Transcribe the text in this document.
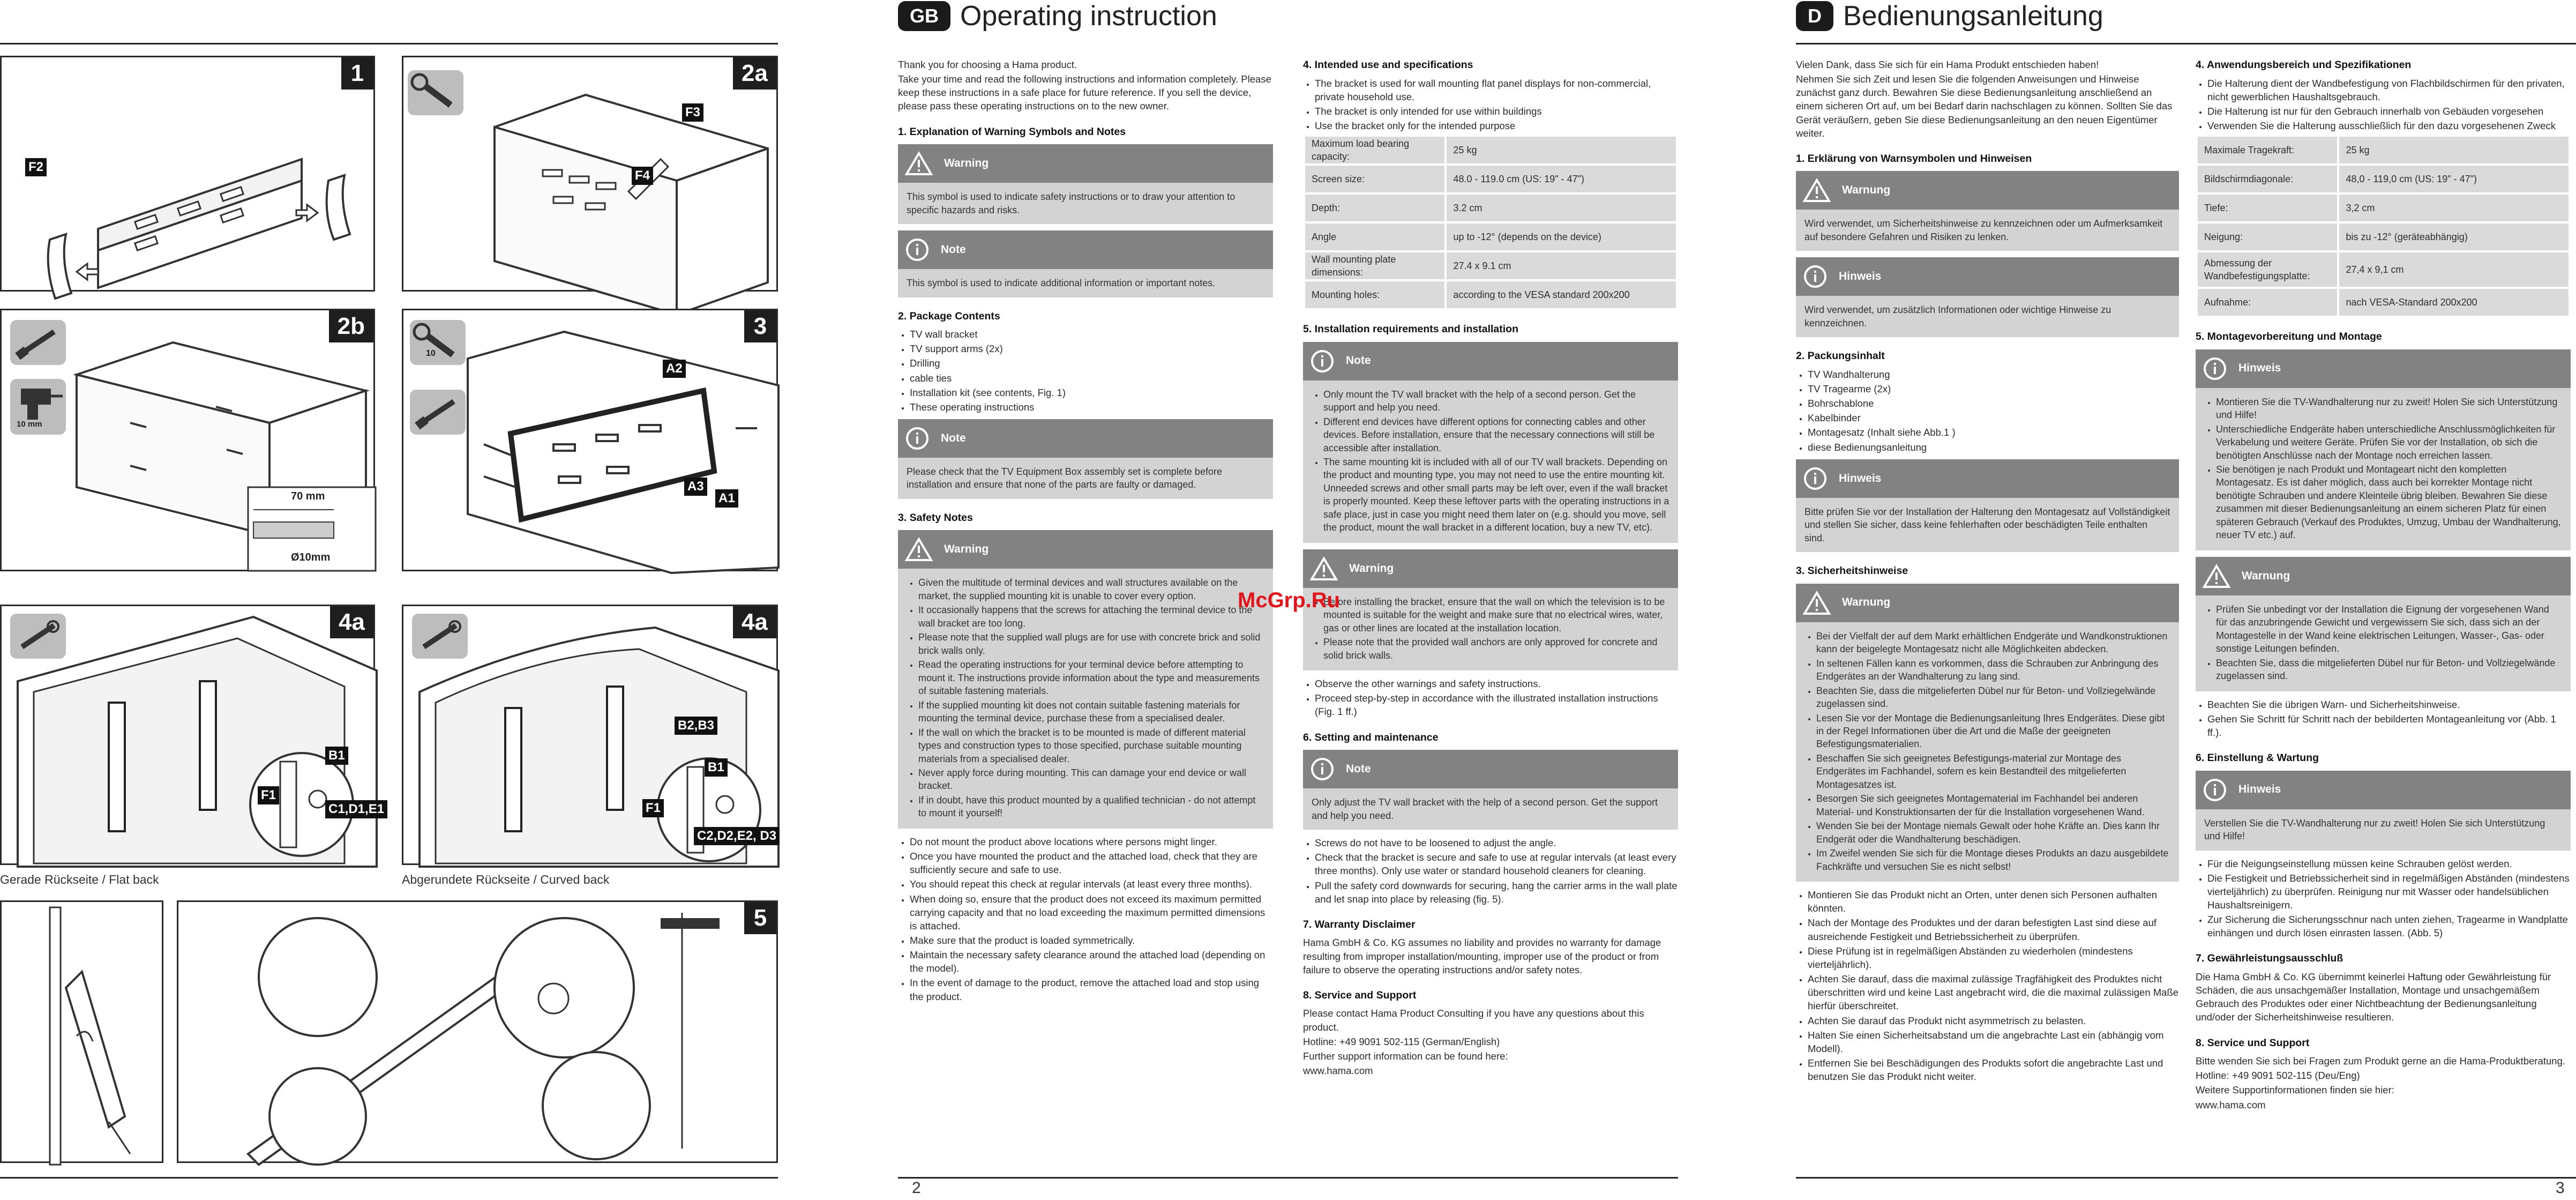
F2
1
F3
F4
2a
10 mm
70 mm
Ø10mm
2b
10
A2
A3
A1
3
B1
F1
C1,D1,E1
4a
Gerade Rückseite / Flat back
B2,B3
B1
F1
C2,D2,E2, D3
4a
Abgerundete Rückseite / Curved back
5
GB Operating instruction

Thank you for choosing a Hama product.

Take your time and read the following instructions and information completely. Please keep these instructions in a safe place for future reference. If you sell the device, please pass these operating instructions on to the new owner.

1. Explanation of Warning Symbols and Notes
Warning
This symbol is used to indicate safety instructions or to draw your attention to specific hazards and risks.
Note
This symbol is used to indicate additional information or important notes.
2. Package Contents
• TV wall bracket
• TV support arms (2x)
• Drilling
• cable ties
• Installation kit (see contents, Fig. 1)
• These operating instructions
Note
Please check that the TV Equipment Box assembly set is complete before installation and ensure that none of the parts are faulty or damaged.
3. Safety Notes
Warning
• Given the multitude of terminal devices and wall structures available on the market, the supplied mounting kit is unable to cover every option.
• It occasionally happens that the screws for attaching the terminal device to the wall bracket are too long.
• Please note that the supplied wall plugs are for use with concrete brick and solid brick walls only.
• Read the operating instructions for your terminal device before attempting to mount it. The instructions provide information about the type and measurements of suitable fastening materials.
• If the supplied mounting kit does not contain suitable fastening materials for mounting the terminal device, purchase these from a specialised dealer.
• If the wall on which the bracket is to be mounted is made of different material types and construction types to those specified, purchase suitable mounting materials from a specialised dealer.
• Never apply force during mounting. This can damage your end device or wall bracket.
• If in doubt, have this product mounted by a qualified technician - do not attempt to mount it yourself!
• Do not mount the product above locations where persons might linger.
• Once you have mounted the product and the attached load, check that they are sufficiently secure and safe to use.
• You should repeat this check at regular intervals (at least every three months).
• When doing so, ensure that the product does not exceed its maximum permitted carrying capacity and that no load exceeding the maximum permitted dimensions is attached.
• Make sure that the product is loaded symmetrically.
• Maintain the necessary safety clearance around the attached load (depending on the model).
• In the event of damage to the product, remove the attached load and stop using the product.
4. Intended use and specifications
• The bracket is used for wall mounting flat panel displays for non-commercial, private household use.
• The bracket is only intended for use within buildings
• Use the bracket only for the intended purpose
Maximum load bearing capacity:	25 kg
Screen size:	48.0 - 119.0 cm (US: 19" - 47")
Depth:	3.2 cm
Angle	up to -12° (depends on the device)
Wall mounting plate dimensions:	27.4 x 9.1 cm
Mounting holes:	according to the VESA standard 200x200
5. Installation requirements and installation
Note
• Only mount the TV wall bracket with the help of a second person. Get the support and help you need.
• Different end devices have different options for connecting cables and other devices. Before installation, ensure that the necessary connections will still be accessible after installation.
• The same mounting kit is included with all of our TV wall brackets. Depending on the product and mounting type, you may not need to use the entire mounting kit. Unneeded screws and other small parts may be left over, even if the wall bracket is properly mounted. Keep these leftover parts with the operating instructions in a safe place, just in case you might need them later on (e.g. should you move, sell the product, mount the wall bracket in a different location, buy a new TV, etc).
Warning
• Before installing the bracket, ensure that the wall on which the television is to be mounted is suitable for the weight and make sure that no electrical wires, water, gas or other lines are located at the installation location.
• Please note that the provided wall anchors are only approved for concrete and solid brick walls.
• Observe the other warnings and safety instructions.
• Proceed step-by-step in accordance with the illustrated installation instructions (Fig. 1 ff.)
6. Setting and maintenance
Note
Only adjust the TV wall bracket with the help of a second person. Get the support and help you need.
• Screws do not have to be loosened to adjust the angle.
• Check that the bracket is secure and safe to use at regular intervals (at least every three months). Only use water or standard household cleaners for cleaning.
• Pull the safety cord downwards for securing, hang the carrier arms in the wall plate and let snap into place by releasing (fig. 5).
7. Warranty Disclaimer

Hama GmbH & Co. KG assumes no liability and provides no warranty for damage resulting from improper installation/mounting, improper use of the product or from failure to observe the operating instructions and/or safety notes.

8. Service and Support

Please contact Hama Product Consulting if you have any questions about this product.

Hotline: +49 9091 502-115 (German/English)

Further support information can be found here:

www.hama.com

D Bedienungsanleitung

Vielen Dank, dass Sie sich für ein Hama Produkt entschieden haben!

Nehmen Sie sich Zeit und lesen Sie die folgenden Anweisungen und Hinweise zunächst ganz durch. Bewahren Sie diese Bedienungsanleitung anschließend an einem sicheren Ort auf, um bei Bedarf darin nachschlagen zu können. Sollten Sie das Gerät veräußern, geben Sie diese Bedienungsanleitung an den neuen Eigentümer weiter.

1. Erklärung von Warnsymbolen und Hinweisen
Warnung
Wird verwendet, um Sicherheitshinweise zu kennzeichnen oder um Aufmerksamkeit auf besondere Gefahren und Risiken zu lenken.
Hinweis
Wird verwendet, um zusätzlich Informationen oder wichtige Hinweise zu kennzeichnen.
2. Packungsinhalt
• TV Wandhalterung
• TV Tragearme (2x)
• Bohrschablone
• Kabelbinder
• Montagesatz (Inhalt siehe Abb.1 )
• diese Bedienungsanleitung
Hinweis
Bitte prüfen Sie vor der Installation der Halterung den Montagesatz auf Vollständigkeit und stellen Sie sicher, dass keine fehlerhaften oder beschädigten Teile enthalten sind.
3. Sicherheitshinweise
Warnung
• Bei der Vielfalt der auf dem Markt erhältlichen Endgeräte und Wandkonstruktionen kann der beigelegte Montagesatz nicht alle Möglichkeiten abdecken.
• In seltenen Fällen kann es vorkommen, dass die Schrauben zur Anbringung des Endgerätes an der Wandhalterung zu lang sind.
• Beachten Sie, dass die mitgelieferten Dübel nur für Beton- und Vollziegelwände zugelassen sind.
• Lesen Sie vor der Montage die Bedienungsanleitung Ihres Endgerätes. Diese gibt in der Regel Informationen über die Art und die Maße der geeigneten Befestigungsmaterialien.
• Beschaffen Sie sich geeignetes Befestigungs-material zur Montage des Endgerätes im Fachhandel, sofern es kein Bestandteil des mitgelieferten Montagesatzes ist.
• Besorgen Sie sich geeignetes Montagematerial im Fachhandel bei anderen Material- und Konstruktionsarten der für die Installation vorgesehenen Wand.
• Wenden Sie bei der Montage niemals Gewalt oder hohe Kräfte an. Dies kann Ihr Endgerät oder die Wandhalterung beschädigen.
• Im Zweifel wenden Sie sich für die Montage dieses Produkts an dazu ausgebildete Fachkräfte und versuchen Sie es nicht selbst!
• Montieren Sie das Produkt nicht an Orten, unter denen sich Personen aufhalten könnten.
• Nach der Montage des Produktes und der daran befestigten Last sind diese auf ausreichende Festigkeit und Betriebssicherheit zu überprüfen.
• Diese Prüfung ist in regelmäßigen Abständen zu wiederholen (mindestens vierteljährlich).
• Achten Sie darauf, dass die maximal zulässige Tragfähigkeit des Produktes nicht überschritten wird und keine Last angebracht wird, die die maximal zulässigen Maße hierfür überschreitet.
• Achten Sie darauf das Produkt nicht asymmetrisch zu belasten.
• Halten Sie einen Sicherheitsabstand um die angebrachte Last ein (abhängig vom Modell).
• Entfernen Sie bei Beschädigungen des Produkts sofort die angebrachte Last und benutzen Sie das Produkt nicht weiter.
4. Anwendungsbereich und Spezifikationen
• Die Halterung dient der Wandbefestigung von Flachbildschirmen für den privaten, nicht gewerblichen Haushaltsgebrauch.
• Die Halterung ist nur für den Gebrauch innerhalb von Gebäuden vorgesehen
• Verwenden Sie die Halterung ausschließlich für den dazu vorgesehenen Zweck
Maximale Tragekraft:	25 kg
Bildschirmdiagonale:	48,0 - 119,0 cm (US: 19" - 47")
Tiefe:	3,2 cm
Neigung:	bis zu -12° (geräteabhängig)
Abmessung der Wandbefestigungsplatte:	27,4 x 9,1 cm
Aufnahme:	nach VESA-Standard 200x200
5. Montagevorbereitung und Montage
Hinweis
• Montieren Sie die TV-Wandhalterung nur zu zweit! Holen Sie sich Unterstützung und Hilfe!
• Unterschiedliche Endgeräte haben unterschiedliche Anschlussmöglichkeiten für Verkabelung und weitere Geräte. Prüfen Sie vor der Installation, ob sich die benötigten Anschlüsse nach der Montage noch erreichen lassen.
• Sie benötigen je nach Produkt und Montageart nicht den kompletten Montagesatz. Es ist daher möglich, dass auch bei korrekter Montage nicht benötigte Schrauben und andere Kleinteile übrig bleiben. Bewahren Sie diese zusammen mit dieser Bedienungsanleitung an einem sicheren Platz für einen späteren Gebrauch (Verkauf des Produktes, Umzug, Umbau der Wandhalterung, neuer TV etc.) auf.
Warnung
• Prüfen Sie unbedingt vor der Installation die Eignung der vorgesehenen Wand für das anzubringende Gewicht und vergewissern Sie sich, dass sich an der Montagestelle in der Wand keine elektrischen Leitungen, Wasser-, Gas- oder sonstige Leitungen befinden.
• Beachten Sie, dass die mitgelieferten Dübel nur für Beton- und Vollziegelwände zugelassen sind.
• Beachten Sie die übrigen Warn- und Sicherheitshinweise.
• Gehen Sie Schritt für Schritt nach der bebilderten Montageanleitung vor (Abb. 1 ff.).
6. Einstellung & Wartung
Hinweis
Verstellen Sie die TV-Wandhalterung nur zu zweit! Holen Sie sich Unterstützung und Hilfe!
• Für die Neigungseinstellung müssen keine Schrauben gelöst werden.
• Die Festigkeit und Betriebssicherheit sind in regelmäßigen Abständen (mindestens vierteljährlich) zu überprüfen. Reinigung nur mit Wasser oder handelsüblichen Haushaltsreinigern.
• Zur Sicherung die Sicherungsschnur nach unten ziehen, Tragearme in Wandplatte einhängen und durch lösen einrasten lassen. (Abb. 5)
7. Gewährleistungsausschluß

Die Hama GmbH & Co. KG übernimmt keinerlei Haftung oder Gewährleistung für Schäden, die aus unsachgemäßer Installation, Montage und unsachgemäßem Gebrauch des Produktes oder einer Nichtbeachtung der Bedienungsanleitung und/oder der Sicherheitshinweise resultieren.

8. Service und Support

Bitte wenden Sie sich bei Fragen zum Produkt gerne an die Hama-Produktberatung.

Hotline: +49 9091 502-115 (Deu/Eng)

Weitere Supportinformationen finden sie hier:

www.hama.com

McGrp.Ru
2	3
